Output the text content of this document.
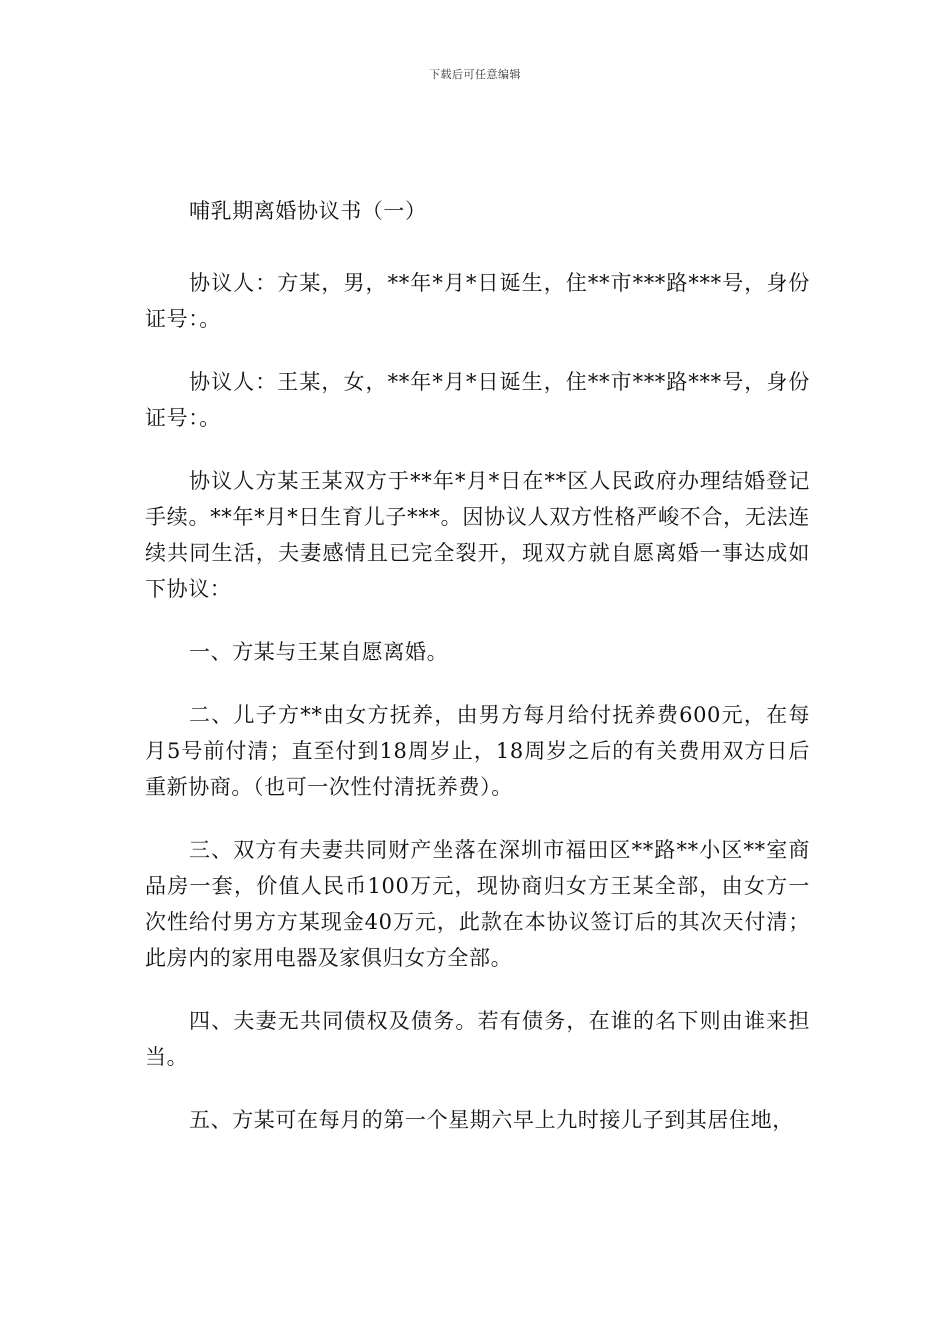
下载后可任意编辑

哺乳期离婚协议书（一）

协议人：方某，男，**年*月*日诞生，住**市***路***号，身份证号：。

协议人：王某，女，**年*月*日诞生，住**市***路***号，身份证号：。

协议人方某王某双方于**年*月*日在**区人民政府办理结婚登记手续。**年*月*日生育儿子***。因协议人双方性格严峻不合，无法连续共同生活，夫妻感情且已完全裂开，现双方就自愿离婚一事达成如下协议：

一、方某与王某自愿离婚。

二、儿子方**由女方抚养，由男方每月给付抚养费600元，在每月5号前付清；直至付到18周岁止，18周岁之后的有关费用双方日后重新协商。（也可一次性付清抚养费）。

三、双方有夫妻共同财产坐落在深圳市福田区**路**小区**室商品房一套，价值人民币100万元，现协商归女方王某全部，由女方一次性给付男方方某现金40万元，此款在本协议签订后的其次天付清；此房内的家用电器及家俱归女方全部。

四、夫妻无共同债权及债务。若有债务，在谁的名下则由谁来担当。

五、方某可在每月的第一个星期六早上九时接儿子到其居住地，
